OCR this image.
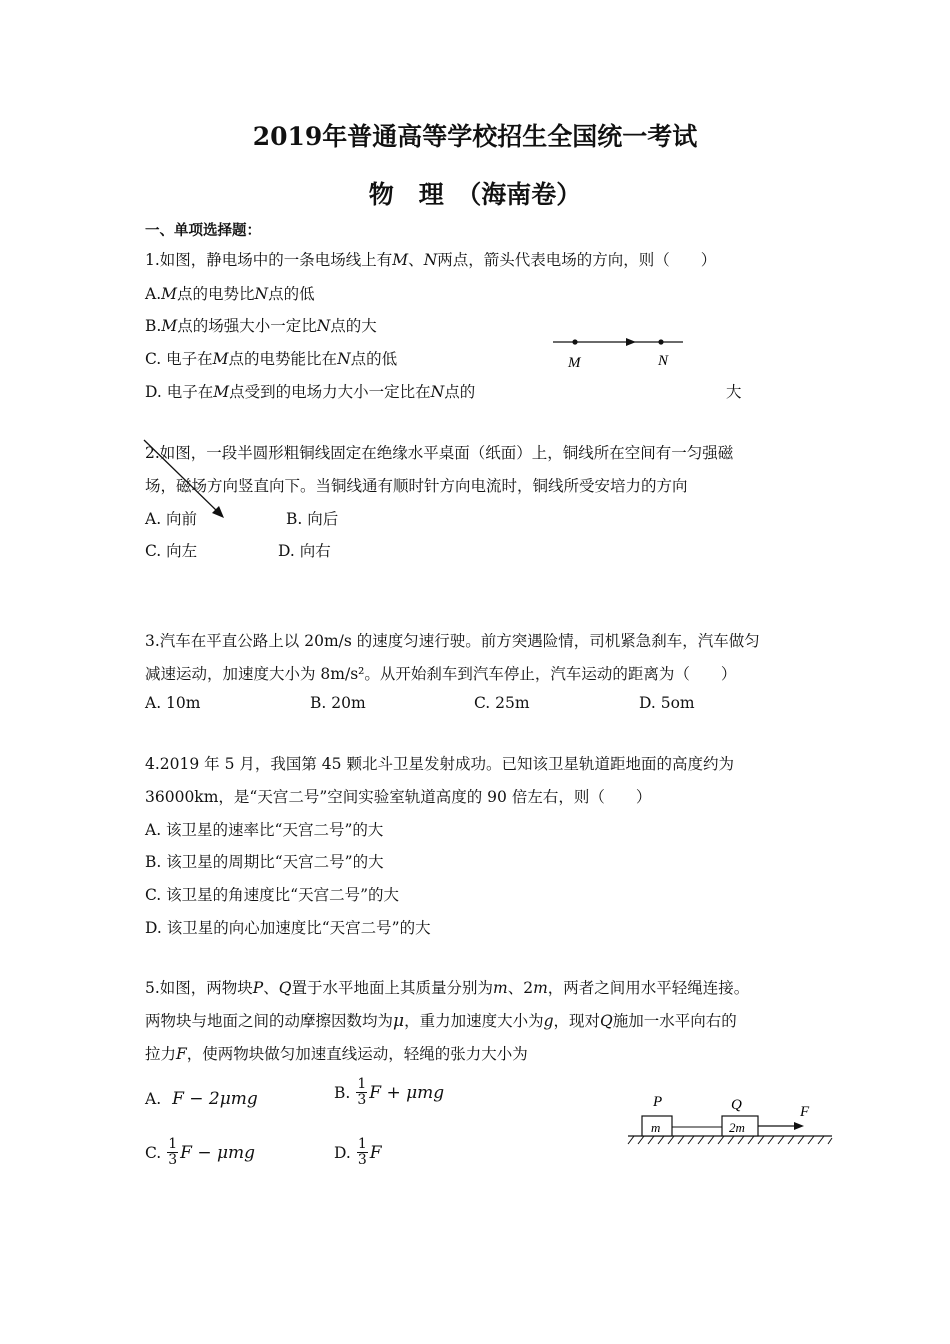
2019年普通高等学校招生全国统一考试
物　理　（海南卷）
一、单项选择题：
1.如图，静电场中的一条电场线上有M、N两点，箭头代表电场的方向，则（　　）
A.M点的电势比N点的低
B.M点的场强大小一定比N点的大
C. 电子在M点的电势能比在N点的低
D. 电子在M点受到的电场力大小一定比在N点的	大
M	N
2.如图，一段半圆形粗铜线固定在绝缘水平桌面（纸面）上，铜线所在空间有一匀强磁
场，磁场方向竖直向下。当铜线通有顺时针方向电流时，铜线所受安培力的方向
A. 向前	B. 向后
C. 向左	D. 向右
3.汽车在平直公路上以 20m/s 的速度匀速行驶。前方突遇险情，司机紧急刹车，汽车做匀
减速运动，加速度大小为 8m/s²。从开始刹车到汽车停止，汽车运动的距离为（　　）
A. 10m	B. 20m	C. 25m	D. 5om
4.2019 年 5 月，我国第 45 颗北斗卫星发射成功。已知该卫星轨道距地面的高度约为
36000km，是“天宫二号”空间实验室轨道高度的 90 倍左右，则（　　）
A. 该卫星的速率比“天宫二号”的大
B. 该卫星的周期比“天宫二号”的大
C. 该卫星的角速度比“天宫二号”的大
D. 该卫星的向心加速度比“天宫二号”的大
5.如图，两物块P、Q置于水平地面上其质量分别为m、2m，两者之间用水平轻绳连接。
两物块与地面之间的动摩擦因数均为μ，重力加速度大小为g，现对Q施加一水平向右的
拉力F，使两物块做匀加速直线运动，轻绳的张力大小为
A. F − 2μmg	B. $\frac{1}{3}$ F + μmg
C. $\frac{1}{3}$ F − μmg	D. $\frac{1}{3}$ F
P	Q	F
m	2m
